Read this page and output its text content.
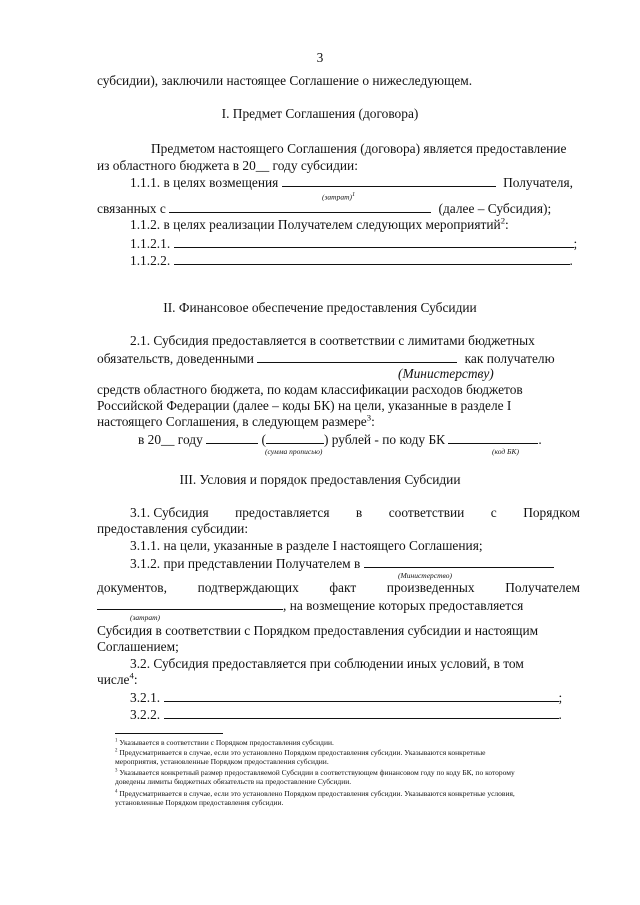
3
субсидии), заключили настоящее Соглашение о нижеследующем.
I. Предмет Соглашения (договора)
Предметом настоящего Соглашения (договора) является предоставление
из областного бюджета в 20__ году субсидии:
1.1.1. в целях возмещения	Получателя,
(затрат)$^1$
связанных с	(далее – Субсидия);
1.1.2. в целях реализации Получателем следующих мероприятий$^2$:
1.1.2.1.	;
1.1.2.2.	.
II. Финансовое обеспечение предоставления Субсидии
2.1. Субсидия предоставляется в соответствии с лимитами бюджетных
обязательств, доведенными	как получателю
(Министерству)
средств областного бюджета, по кодам классификации расходов бюджетов
Российской Федерации (далее – коды БК) на цели, указанные в разделе I
настоящего Соглашения, в следующем размере$^3$:
в 20__ году	(	) рублей - по коду БК	.
(сумма прописью)	(код БК)
III. Условия и порядок предоставления Субсидии
3.1. Субсидия предоставляется в соответствии с Порядком
предоставления субсидии:
3.1.1. на цели, указанные в разделе I настоящего Соглашения;
3.1.2. при представлении Получателем в
(Министерство)
документов, подтверждающих факт произведенных Получателем
, на возмещение которых предоставляется
(затрат)
Субсидия в соответствии с Порядком предоставления субсидии и настоящим
Соглашением;
3.2. Субсидия предоставляется при соблюдении иных условий, в том
числе$^4$:
3.2.1.	;
3.2.2.	.
$^1$ Указывается в соответствии с Порядком предоставления субсидии.
$^2$ Предусматривается в случае, если это установлено Порядком предоставления субсидии. Указываются конкретные мероприятия, установленные Порядком предоставления субсидии.
$^3$ Указывается конкретный размер предоставляемой Субсидии в соответствующем финансовом году по коду БК, по которому доведены лимиты бюджетных обязательств на предоставление Субсидии.
$^4$ Предусматривается в случае, если это установлено Порядком предоставления субсидии. Указываются конкретные условия, установленные Порядком предоставления субсидии.
